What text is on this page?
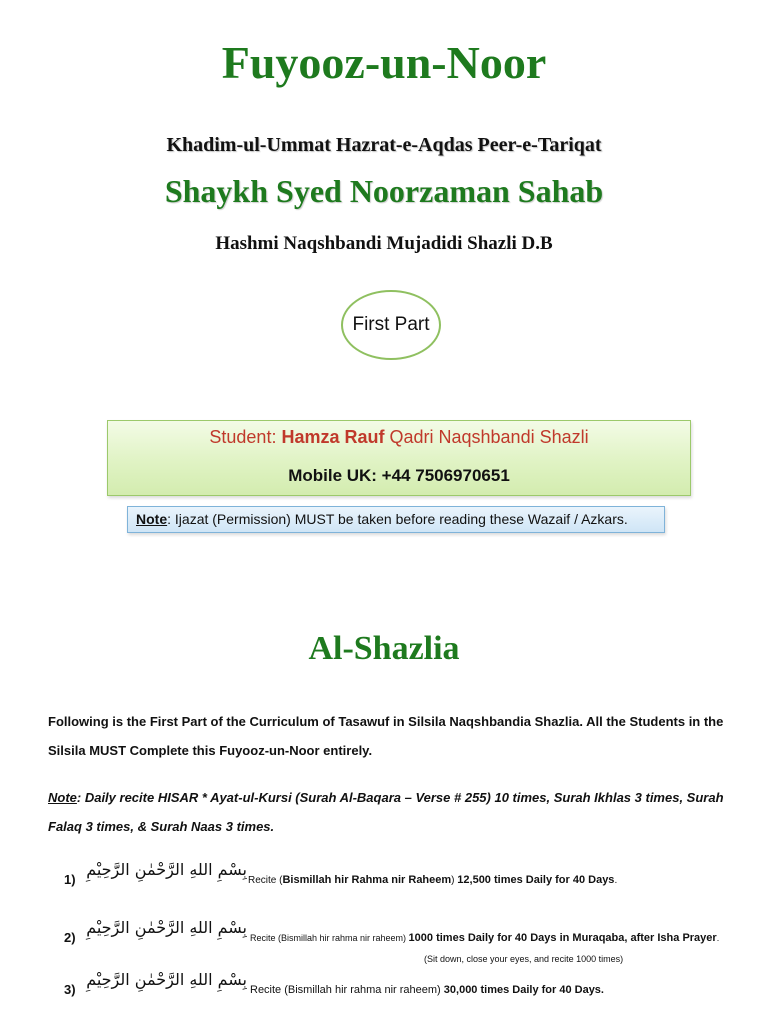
Fuyooz-un-Noor
Khadim-ul-Ummat Hazrat-e-Aqdas Peer-e-Tariqat
Shaykh Syed Noorzaman Sahab
Hashmi Naqshbandi Mujadidi Shazli D.B
First Part
Student: Hamza Rauf Qadri Naqshbandi Shazli
Mobile UK: +44 7506970651
Note: Ijazat (Permission) MUST be taken before reading these Wazaif / Azkars.
Al-Shazlia
Following is the First Part of the Curriculum of Tasawuf in Silsila Naqshbandia Shazlia. All the Students in the Silsila MUST Complete this Fuyooz-un-Noor entirely.
Note: Daily recite HISAR * Ayat-ul-Kursi (Surah Al-Baqara – Verse # 255) 10 times, Surah Ikhlas 3 times, Surah Falaq 3 times, & Surah Naas 3 times.
1)
بِسْمِ اللهِ الرَّحْمٰنِ الرَّحِيْمِ
Recite (Bismillah hir Rahma nir Raheem) 12,500 times Daily for 40 Days.
2)
بِسْمِ اللهِ الرَّحْمٰنِ الرَّحِيْمِ
Recite (Bismillah hir rahma nir raheem) 1000 times Daily for 40 Days in Muraqaba, after Isha Prayer.
(Sit down, close your eyes, and recite 1000 times)
3)
بِسْمِ اللهِ الرَّحْمٰنِ الرَّحِيْمِ
Recite (Bismillah hir rahma nir raheem) 30,000 times Daily for 40 Days.
